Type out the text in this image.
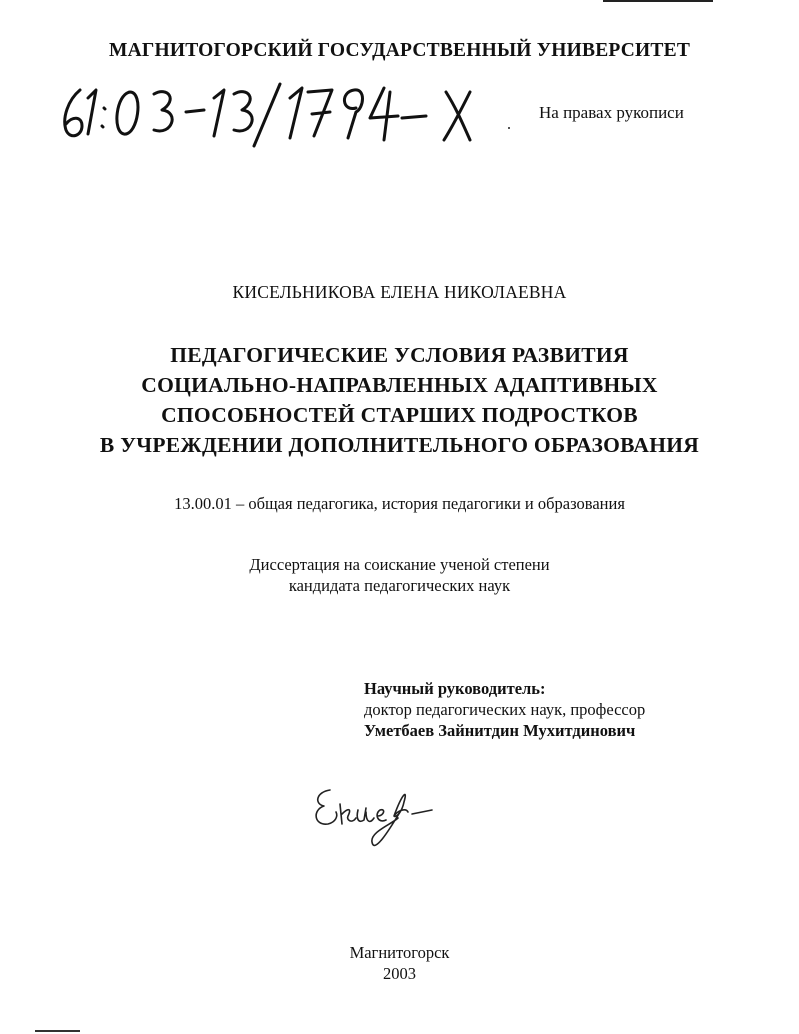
МАГНИТОГОРСКИЙ ГОСУДАРСТВЕННЫЙ УНИВЕРСИТЕТ
На правах рукописи
КИСЕЛЬНИКОВА ЕЛЕНА НИКОЛАЕВНА
ПЕДАГОГИЧЕСКИЕ УСЛОВИЯ РАЗВИТИЯ
СОЦИАЛЬНО-НАПРАВЛЕННЫХ АДАПТИВНЫХ
СПОСОБНОСТЕЙ СТАРШИХ ПОДРОСТКОВ
В УЧРЕЖДЕНИИ ДОПОЛНИТЕЛЬНОГО ОБРАЗОВАНИЯ
13.00.01 – общая педагогика, история педагогики и образования
Диссертация на соискание ученой степени
кандидата педагогических наук
Научный руководитель:
доктор педагогических наук, профессор
Уметбаев Зайнитдин Мухитдинович
Магнитогорск
2003
